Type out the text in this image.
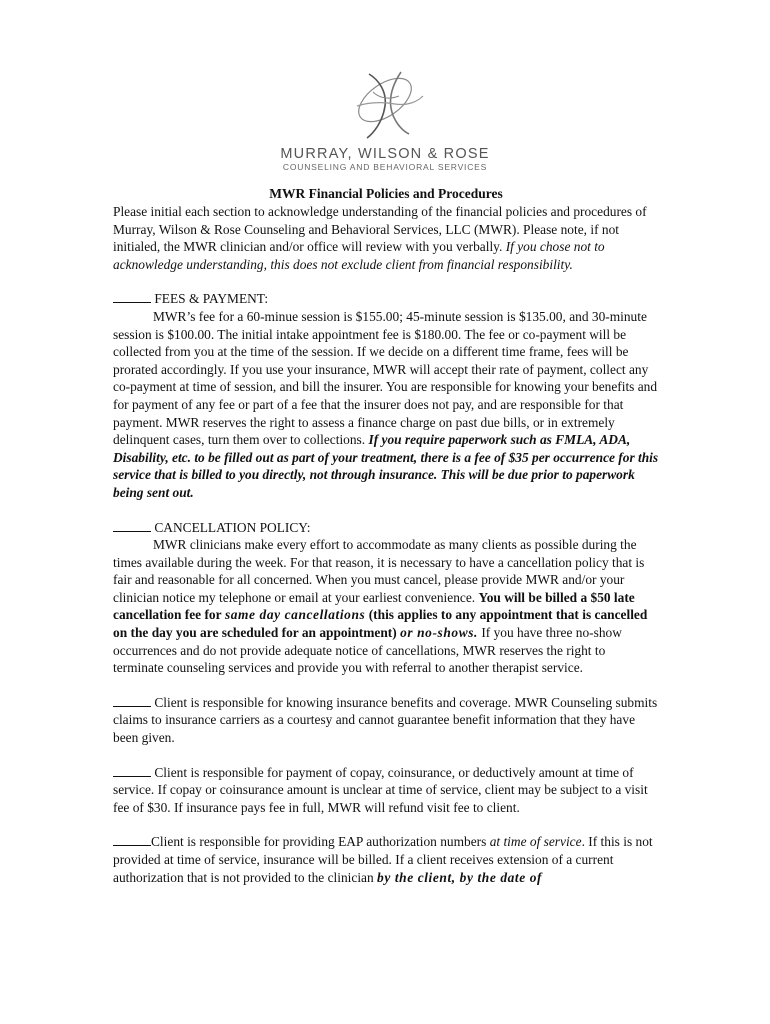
MURRAY, WILSON & ROSE
COUNSELING AND BEHAVIORAL SERVICES
MWR Financial Policies and Procedures

Please initial each section to acknowledge understanding of the financial policies and procedures of Murray, Wilson & Rose Counseling and Behavioral Services, LLC (MWR). Please note, if not initialed, the MWR clinician and/or office will review with you verbally. If you chose not to acknowledge understanding, this does not exclude client from financial responsibility.

FEES & PAYMENT:

MWR’s fee for a 60-minue session is $155.00; 45-minute session is $135.00, and 30-minute session is $100.00. The initial intake appointment fee is $180.00. The fee or co-payment will be collected from you at the time of the session. If we decide on a different time frame, fees will be prorated accordingly. If you use your insurance, MWR will accept their rate of payment, collect any co-payment at time of session, and bill the insurer. You are responsible for knowing your benefits and for payment of any fee or part of a fee that the insurer does not pay, and are responsible for that payment. MWR reserves the right to assess a finance charge on past due bills, or in extremely delinquent cases, turn them over to collections. If you require paperwork such as FMLA, ADA, Disability, etc. to be filled out as part of your treatment, there is a fee of $35 per occurrence for this service that is billed to you directly, not through insurance. This will be due prior to paperwork being sent out.

CANCELLATION POLICY:

MWR clinicians make every effort to accommodate as many clients as possible during the times available during the week. For that reason, it is necessary to have a cancellation policy that is fair and reasonable for all concerned. When you must cancel, please provide MWR and/or your clinician notice my telephone or email at your earliest convenience. You will be billed a $50 late cancellation fee for same day cancellations (this applies to any appointment that is cancelled on the day you are scheduled for an appointment) or no-shows. If you have three no-show occurrences and do not provide adequate notice of cancellations, MWR reserves the right to terminate counseling services and provide you with referral to another therapist service.

Client is responsible for knowing insurance benefits and coverage. MWR Counseling submits claims to insurance carriers as a courtesy and cannot guarantee benefit information that they have been given.

Client is responsible for payment of copay, coinsurance, or deductively amount at time of service. If copay or coinsurance amount is unclear at time of service, client may be subject to a visit fee of $30. If insurance pays fee in full, MWR will refund visit fee to client.

Client is responsible for providing EAP authorization numbers at time of service. If this is not provided at time of service, insurance will be billed. If a client receives extension of a current authorization that is not provided to the clinician by the client, by the date of
